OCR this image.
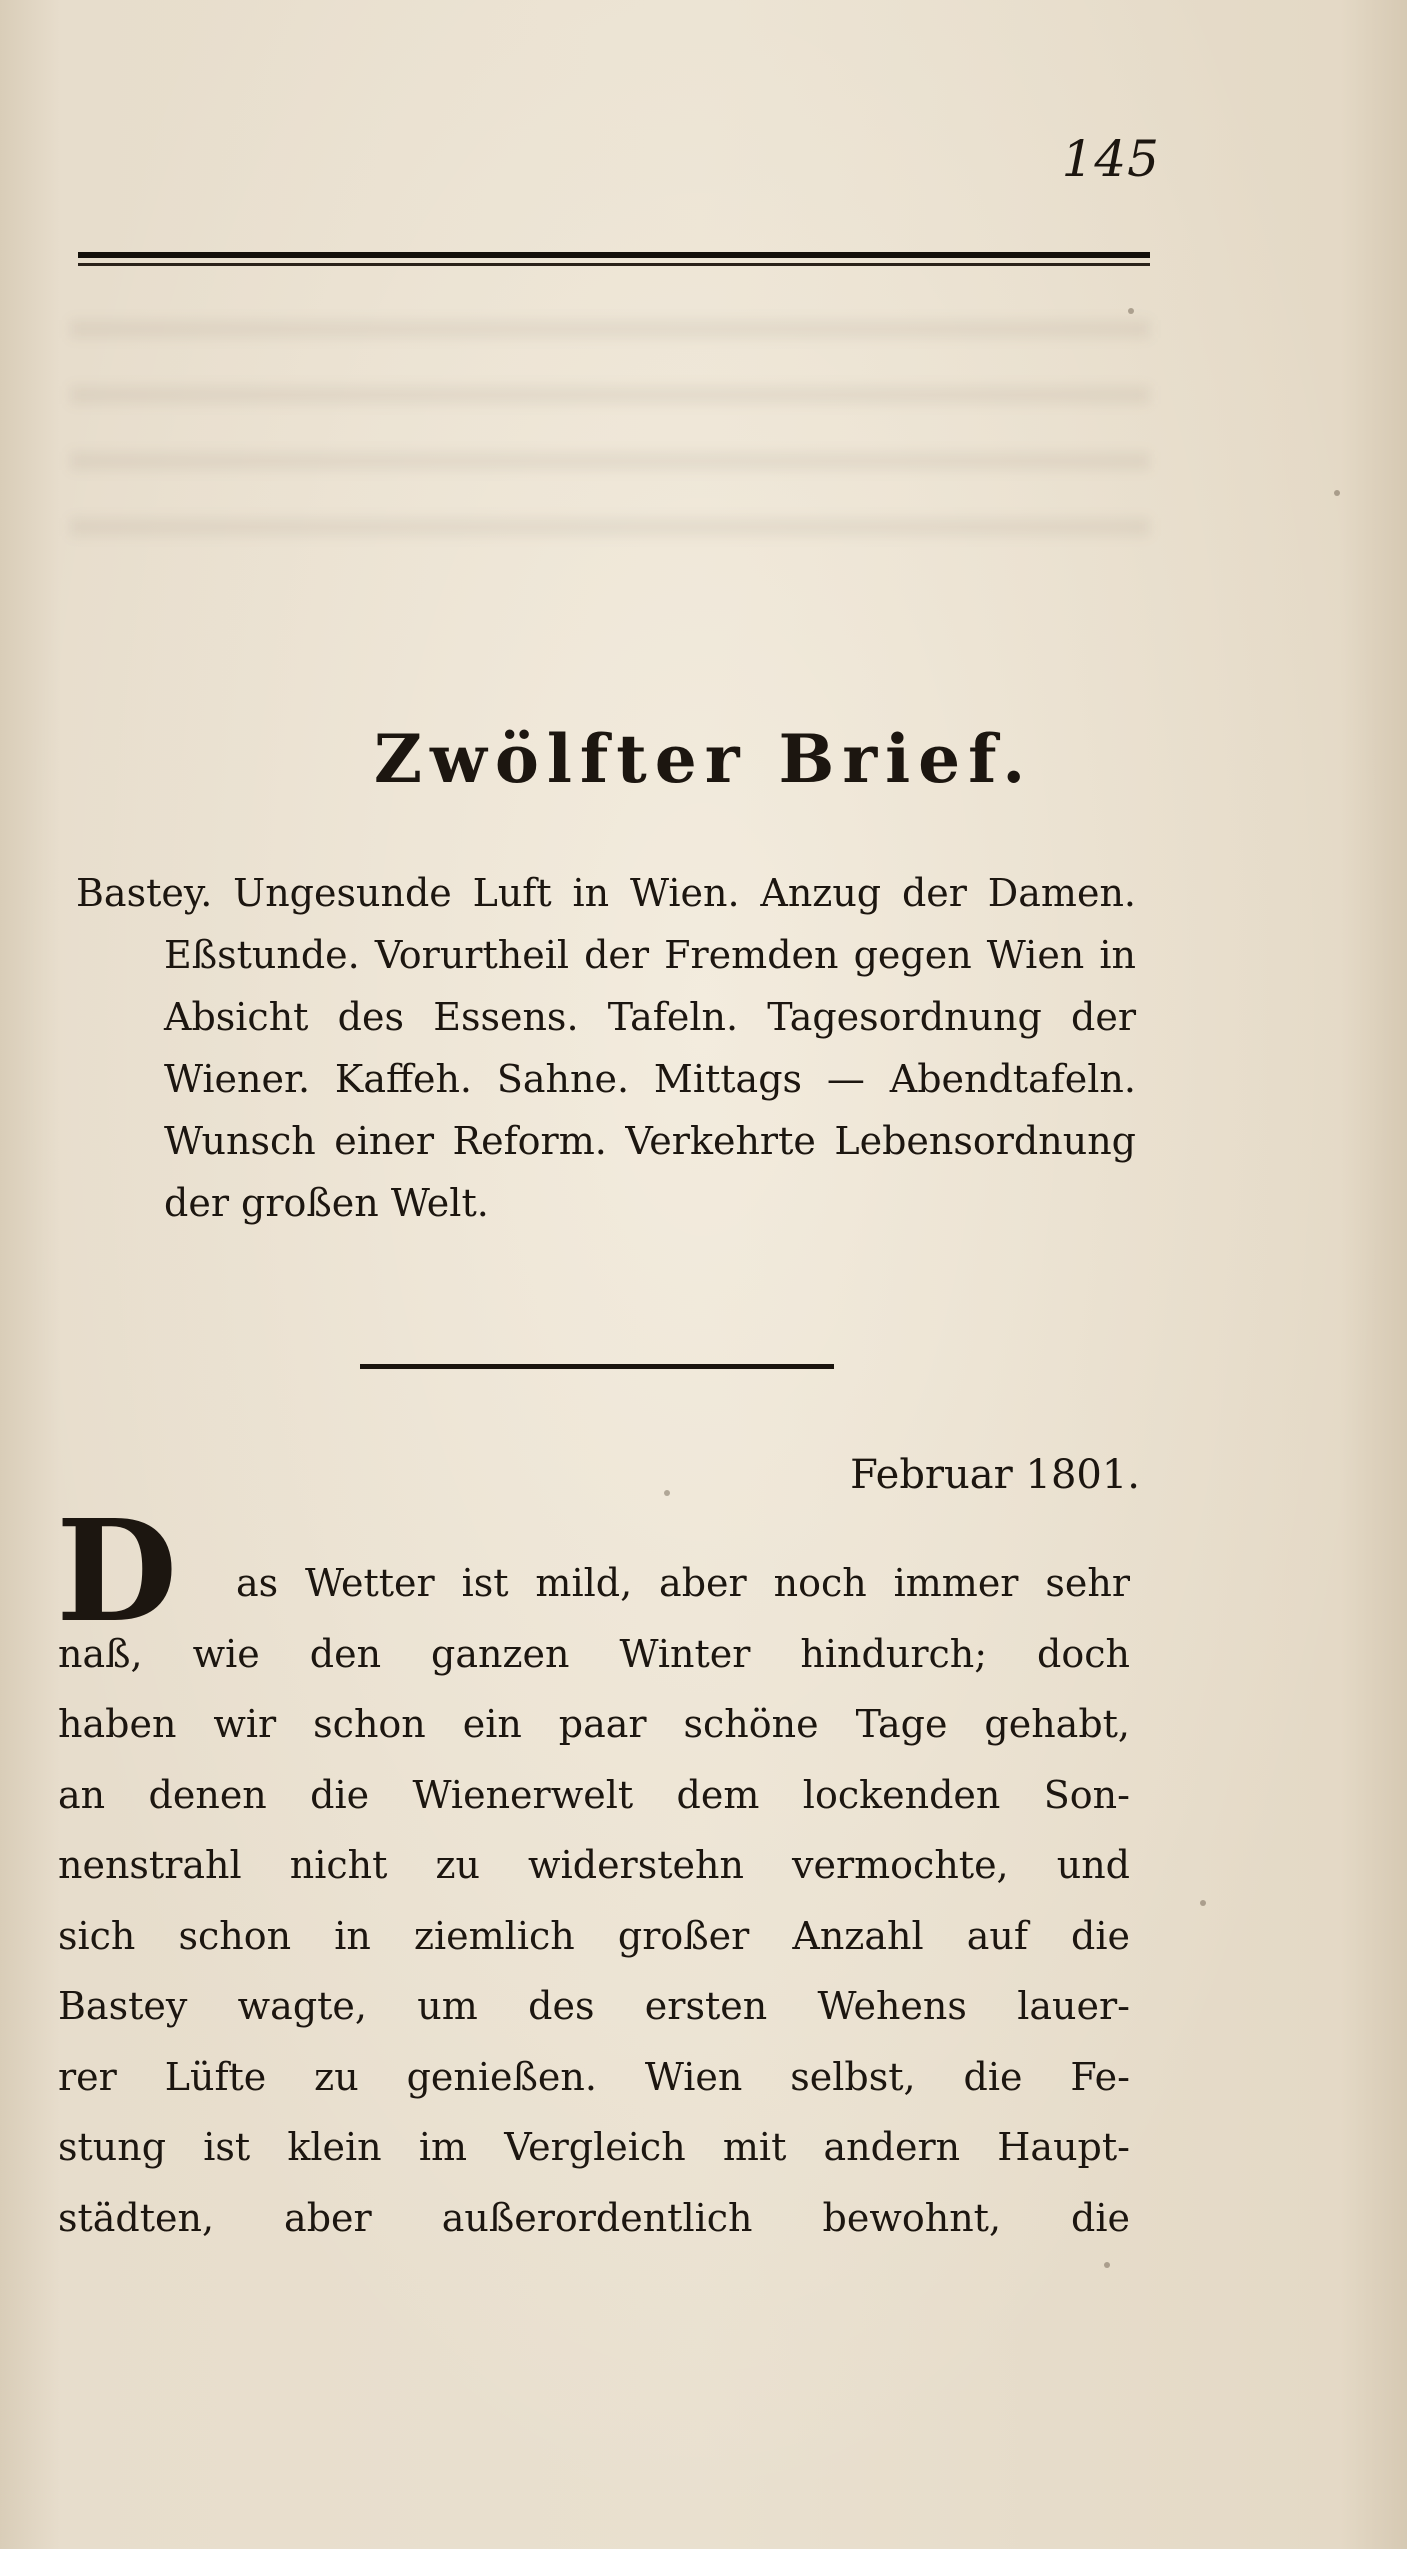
145
Zwölfter Brief.

Bastey. Ungesunde Luft in Wien. Anzug der Damen. Eßstunde. Vorurtheil der Fremden gegen Wien in Absicht des Essens. Tafeln. Tagesordnung der Wiener. Kaffeh. Sahne. Mittags — Abendtafeln. Wunsch einer Reform. Verkehrte Lebensordnung der großen Welt.

Februar 1801.
D	as Wetter ist mild, aber noch immer sehr
naß, wie den ganzen Winter hindurch; doch
haben wir schon ein paar schöne Tage gehabt,
an denen die Wienerwelt dem lockenden Son-
nenstrahl nicht zu widerstehn vermochte, und
sich schon in ziemlich großer Anzahl auf die
Bastey wagte, um des ersten Wehens lauer-
rer Lüfte zu genießen. Wien selbst, die Fe-
stung ist klein im Vergleich mit andern Haupt-
städten, aber außerordentlich bewohnt, die
